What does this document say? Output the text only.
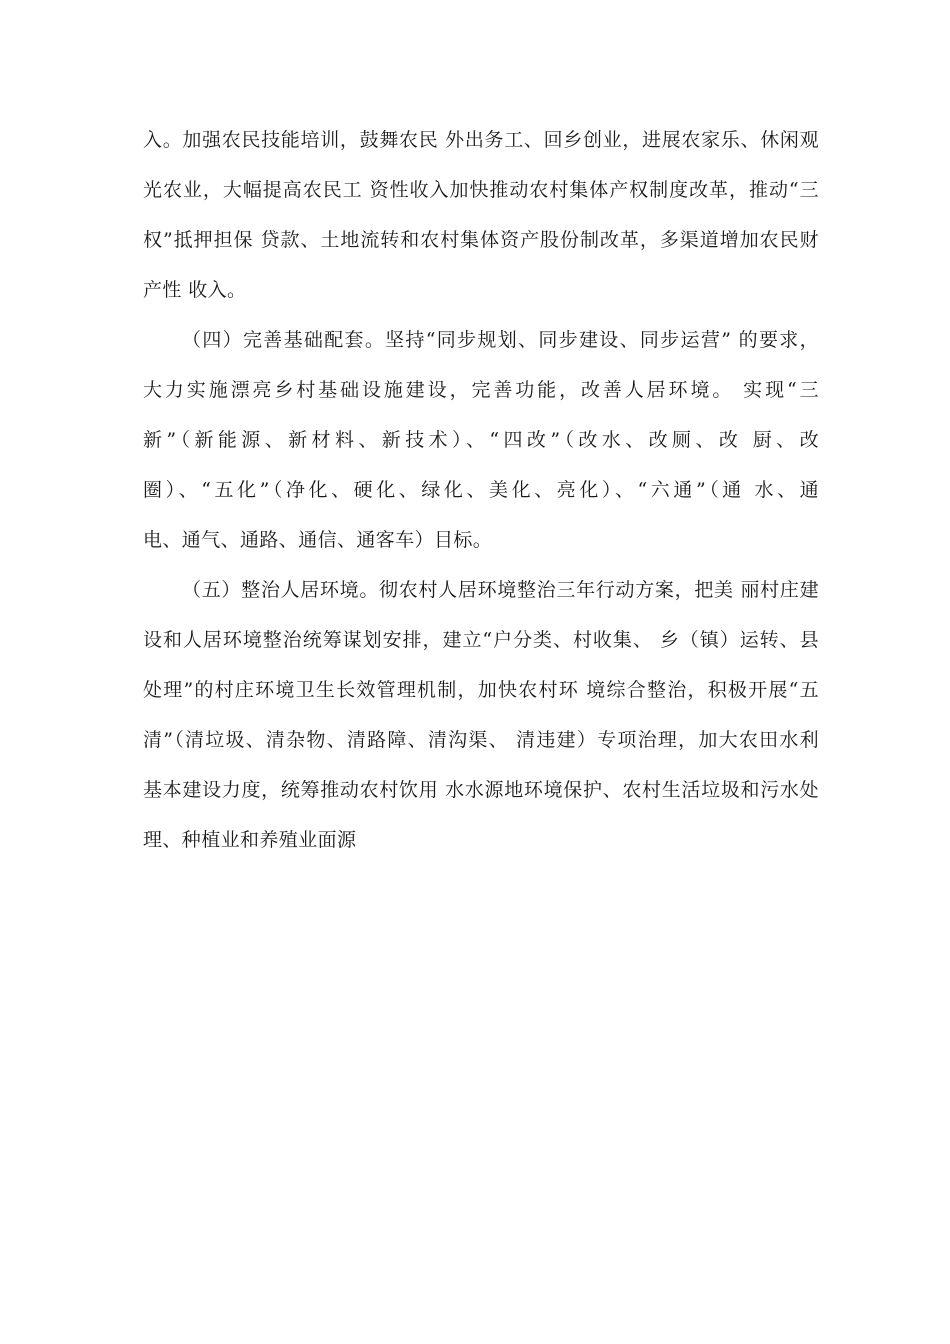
入。加强农民技能培训，鼓舞农民 外出务工、回乡创业，进展农家乐、休闲观
光农业，大幅提高农民工 资性收入加快推动农村集体产权制度改革，推动“三
权”抵押担保 贷款、土地流转和农村集体资产股份制改革，多渠道增加农民财
产性 收入。
（四）完善基础配套。坚持“同步规划、同步建设、同步运营” 的要求，
大力实施漂亮乡村基础设施建设，完善功能，改善人居环境。 实现“三
新”（新能源、新材料、新技术）、“四改”（改水、改厕、改 厨、改
圈）、“五化”（净化、硬化、绿化、美化、亮化）、“六通”（通 水、通
电、通气、通路、通信、通客车）目标。
（五）整治人居环境。彻农村人居环境整治三年行动方案，把美 丽村庄建
设和人居环境整治统筹谋划安排，建立“户分类、村收集、 乡（镇）运转、县
处理”的村庄环境卫生长效管理机制，加快农村环 境综合整治，积极开展“五
清”（清垃圾、清杂物、清路障、清沟渠、 清违建）专项治理，加大农田水利
基本建设力度，统筹推动农村饮用 水水源地环境保护、农村生活垃圾和污水处
理、种植业和养殖业面源
